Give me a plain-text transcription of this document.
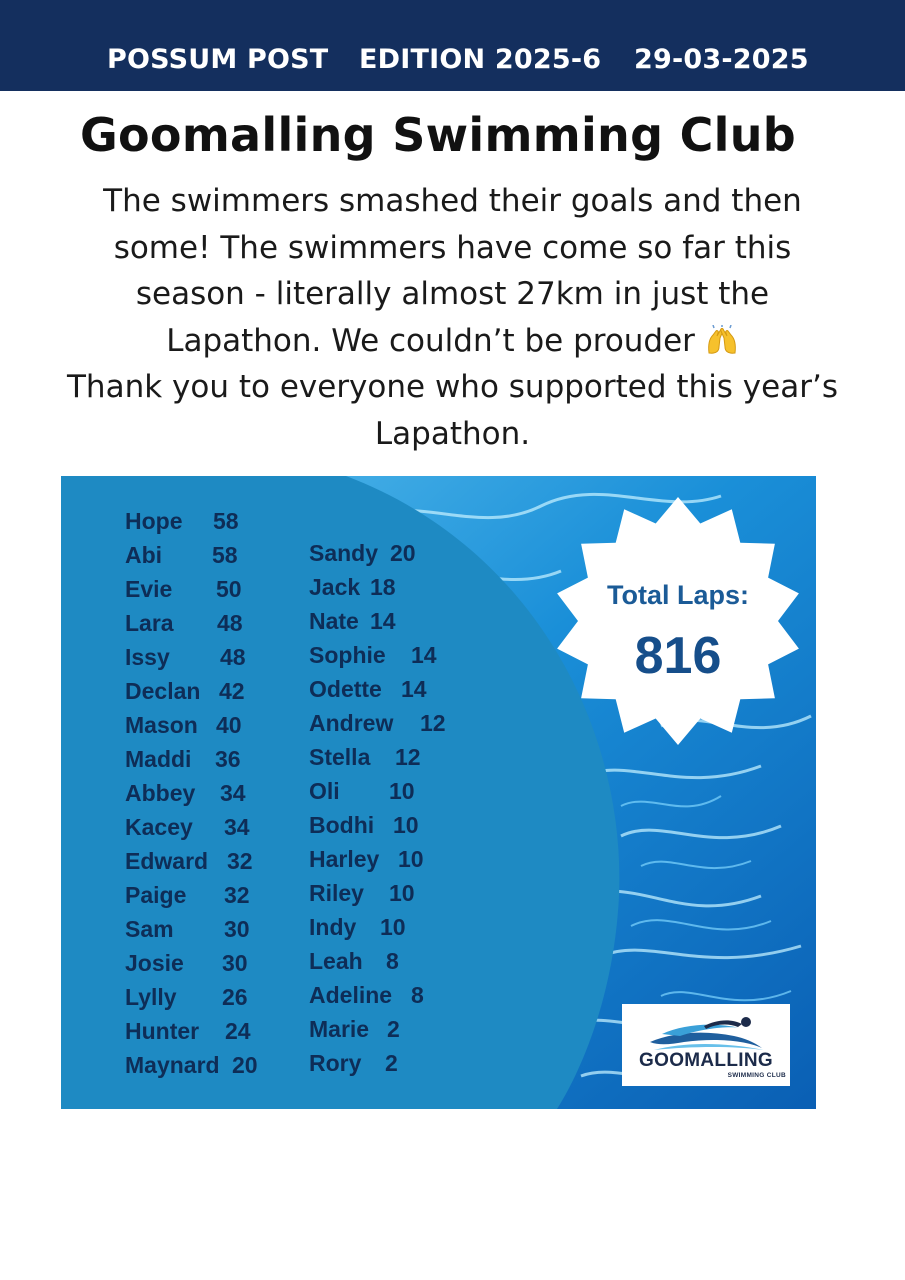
POSSUM POST EDITION 2025-6 29-03-2025
Goomalling Swimming Club
The swimmers smashed their goals and then
some! The swimmers have come so far this
season - literally almost 27km in just the
Lapathon. We couldn’t be prouder
Thank you to everyone who supported this year’s
Lapathon.
Hope 58
Abi 58
Evie 50
Lara 48
Issy 48
Declan 42
Mason 40
Maddi 36
Abbey 34
Kacey 34
Edward 32
Paige 32
Sam 30
Josie 30
Lylly 26
Hunter 24
Maynard 20
Sandy 20
Jack 18
Nate 14
Sophie 14
Odette 14
Andrew 12
Stella 12
Oli 10
Bodhi 10
Harley 10
Riley 10
Indy 10
Leah 8
Adeline 8
Marie 2
Rory 2
Total Laps:
816
GOOMALLING
SWIMMING CLUB
